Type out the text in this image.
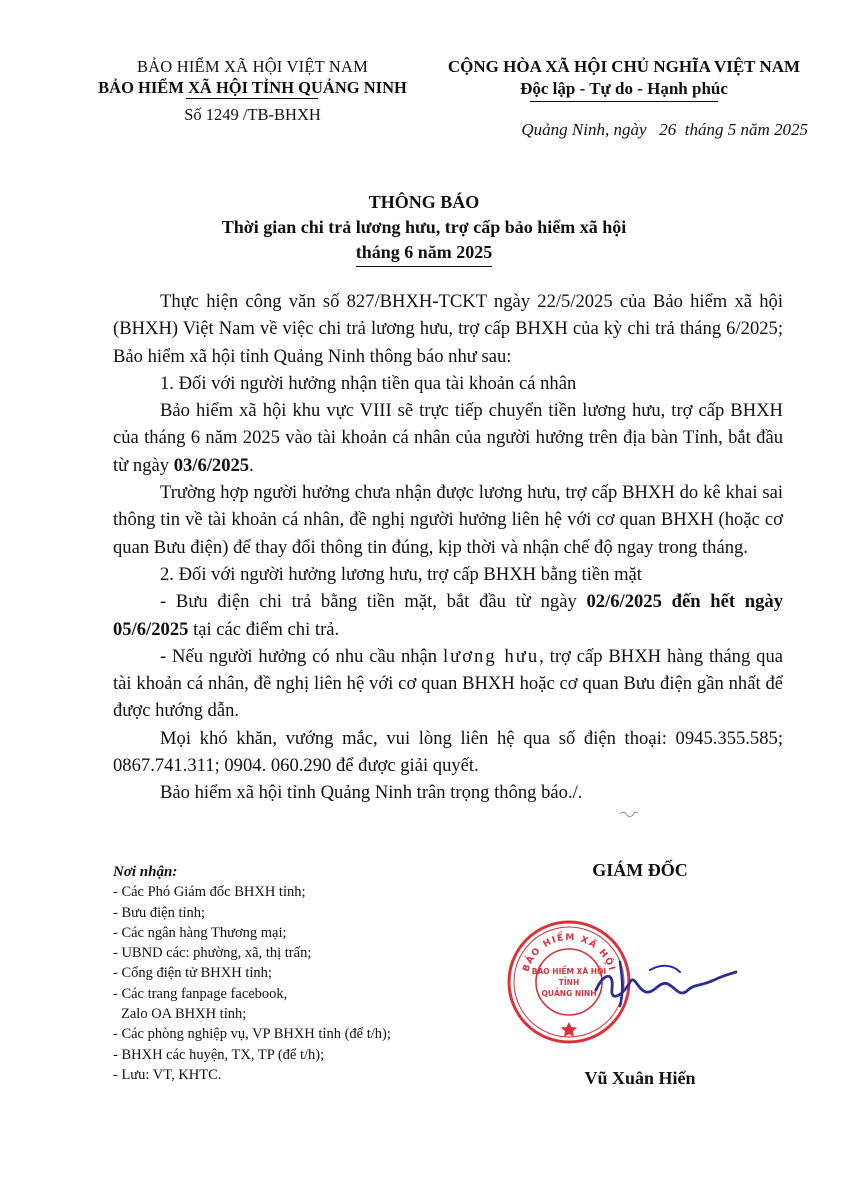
BẢO HIỂM XÃ HỘI VIỆT NAM
BẢO HIỂM XÃ HỘI TỈNH QUẢNG NINH
Số 1249 /TB-BHXH
CỘNG HÒA XÃ HỘI CHỦ NGHĨA VIỆT NAM
Độc lập - Tự do - Hạnh phúc
Quảng Ninh, ngày   26  tháng 5 năm 2025
THÔNG BÁO
Thời gian chi trả lương hưu, trợ cấp bảo hiểm xã hội
tháng 6 năm 2025

Thực hiện công văn số 827/BHXH-TCKT ngày 22/5/2025 của Bảo hiểm xã hội (BHXH) Việt Nam về việc chi trả lương hưu, trợ cấp BHXH của kỳ chi trả tháng 6/2025; Bảo hiểm xã hội tỉnh Quảng Ninh thông báo như sau:

1. Đối với người hưởng nhận tiền qua tài khoản cá nhân

Bảo hiểm xã hội khu vực VIII sẽ trực tiếp chuyển tiền lương hưu, trợ cấp BHXH của tháng 6 năm 2025 vào tài khoản cá nhân của người hưởng trên địa bàn Tỉnh, bắt đầu từ ngày 03/6/2025.

Trường hợp người hưởng chưa nhận được lương hưu, trợ cấp BHXH do kê khai sai thông tin về tài khoản cá nhân, đề nghị người hưởng liên hệ với cơ quan BHXH (hoặc cơ quan Bưu điện) để thay đổi thông tin đúng, kịp thời và nhận chế độ ngay trong tháng.

2. Đối với người hưởng lương hưu, trợ cấp BHXH bằng tiền mặt

- Bưu điện chi trả bằng tiền mặt, bắt đầu từ ngày 02/6/2025 đến hết ngày 05/6/2025 tại các điểm chi trả.

- Nếu người hưởng có nhu cầu nhận lương hưu, trợ cấp BHXH hàng tháng qua tài khoản cá nhân, đề nghị liên hệ với cơ quan BHXH hoặc cơ quan Bưu điện gần nhất để được hướng dẫn.

Mọi khó khăn, vướng mắc, vui lòng liên hệ qua số điện thoại: 0945.355.585; 0867.741.311; 0904. 060.290 để được giải quyết.

Bảo hiểm xã hội tỉnh Quảng Ninh trân trọng thông báo./.

Nơi nhận:
- Các Phó Giám đốc BHXH tỉnh;
- Bưu điện tỉnh;
- Các ngân hàng Thương mại;
- UBND các: phường, xã, thị trấn;
- Cổng điện tử BHXH tỉnh;
- Các trang fanpage facebook,
Zalo OA BHXH tỉnh;
- Các phòng nghiệp vụ, VP BHXH tỉnh (để t/h);
- BHXH các huyện, TX, TP (để t/h);
- Lưu: VT, KHTC.
GIÁM ĐỐC
BẢO HIỂM XÃ HỘI
BẢO HIỂM XÃ HỘI
TỈNH
QUẢNG NINH
Vũ Xuân Hiển
